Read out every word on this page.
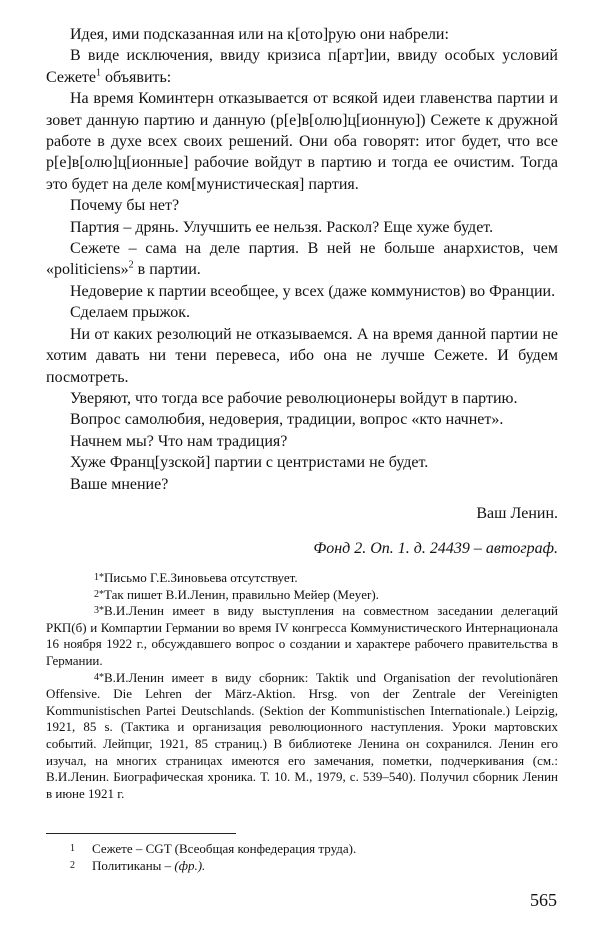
Идея, ими подсказанная или на к[ото]рую они набрели:

В виде исключения, ввиду кризиса п[арт]ии, ввиду особых условий Сежете$^1$ объявить:

На время Коминтерн отказывается от всякой идеи главенства партии и зовет данную партию и данную (р[е]в[олю]ц[ионную]) Сежете к дружной работе в духе всех своих решений. Они оба говорят: итог будет, что все р[е]в[олю]ц[ионные] рабочие войдут в партию и тогда ее очистим. Тогда это будет на деле ком[мунистическая] партия.

Почему бы нет?

Партия – дрянь. Улучшить ее нельзя. Раскол? Еще хуже будет.

Сежете – сама на деле партия. В ней не больше анархистов, чем «politiciens»$^2$ в партии.

Недоверие к партии всеобщее, у всех (даже коммунистов) во Франции.

Сделаем прыжок.

Ни от каких резолюций не отказываемся. А на время данной партии не хотим давать ни тени перевеса, ибо она не лучше Сежете. И будем посмотреть.

Уверяют, что тогда все рабочие революционеры войдут в партию.

Вопрос самолюбия, недоверия, традиции, вопрос «кто начнет».

Начнем мы? Что нам традиция?

Хуже Франц[узской] партии с центристами не будет.

Ваше мнение?

Ваш Ленин.

Фонд 2. Оп. 1. д. 24439 – автограф.

1*Письмо Г.Е.Зиновьева отсутствует.

2*Так пишет В.И.Ленин, правильно Мейер (Meyer).

3*В.И.Ленин имеет в виду выступления на совместном заседании делегаций РКП(б) и Компартии Германии во время IV конгресса Коммунистического Интернационала 16 ноября 1922 г., обсуждавшего вопрос о создании и характере рабочего правительства в Германии.

4*В.И.Ленин имеет в виду сборник: Taktik und Organisation der revolutionären Offensive. Die Lehren der März-Aktion. Hrsg. von der Zentrale der Vereinigten Kommunistischen Partei Deutschlands. (Sektion der Kommunistischen Internationale.) Leipzig, 1921, 85 s. (Тактика и организация революционного наступления. Уроки мартовских событий. Лейпциг, 1921, 85 страниц.) В библиотеке Ленина он сохранился. Ленин его изучал, на многих страницах имеются его замечания, пометки, подчеркивания (см.: В.И.Ленин. Биографическая хроника. Т. 10. М., 1979, с. 539–540). Получил сборник Ленин в июне 1921 г.

1 Сежете – CGT (Всеобщая конфедерация труда).

2 Политиканы – (фр.).

565
